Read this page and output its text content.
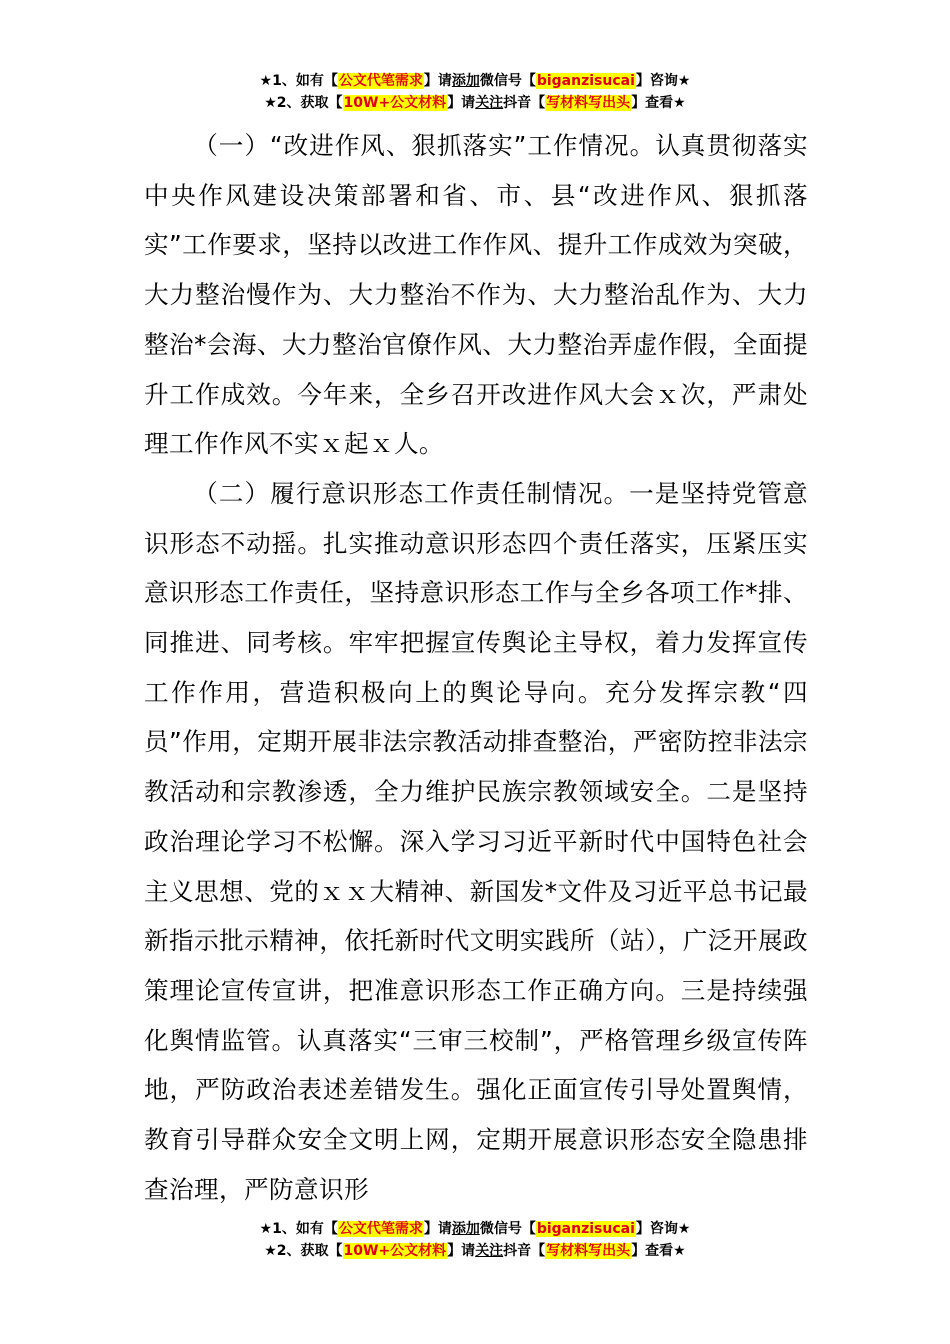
★1、如有【公文代笔需求】请添加微信号【biganzisucai】咨询★
★2、获取【10W+公文材料】请关注抖音【写材料写出头】查看★

（一）“改进作风、狠抓落实”工作情况。认真贯彻落实中央作风建设决策部署和省、市、县“改进作风、狠抓落实”工作要求，坚持以改进工作作风、提升工作成效为突破，大力整治慢作为、大力整治不作为、大力整治乱作为、大力整治*会海、大力整治官僚作风、大力整治弄虚作假，全面提升工作成效。今年来，全乡召开改进作风大会ｘ次，严肃处理工作作风不实ｘ起ｘ人。

（二）履行意识形态工作责任制情况。一是坚持党管意识形态不动摇。扎实推动意识形态四个责任落实，压紧压实意识形态工作责任，坚持意识形态工作与全乡各项工作*排、同推进、同考核。牢牢把握宣传舆论主导权，着力发挥宣传工作作用，营造积极向上的舆论导向。充分发挥宗教“四员”作用，定期开展非法宗教活动排查整治，严密防控非法宗教活动和宗教渗透，全力维护民族宗教领域安全。二是坚持政治理论学习不松懈。深入学习习近平新时代中国特色社会主义思想、党的ｘｘ大精神、新国发*文件及习近平总书记最新指示批示精神，依托新时代文明实践所（站），广泛开展政策理论宣传宣讲，把准意识形态工作正确方向。三是持续强化舆情监管。认真落实“三审三校制”，严格管理乡级宣传阵地，严防政治表述差错发生。强化正面宣传引导处置舆情，教育引导群众安全文明上网，定期开展意识形态安全隐患排查治理，严防意识形

★1、如有【公文代笔需求】请添加微信号【biganzisucai】咨询★
★2、获取【10W+公文材料】请关注抖音【写材料写出头】查看★
